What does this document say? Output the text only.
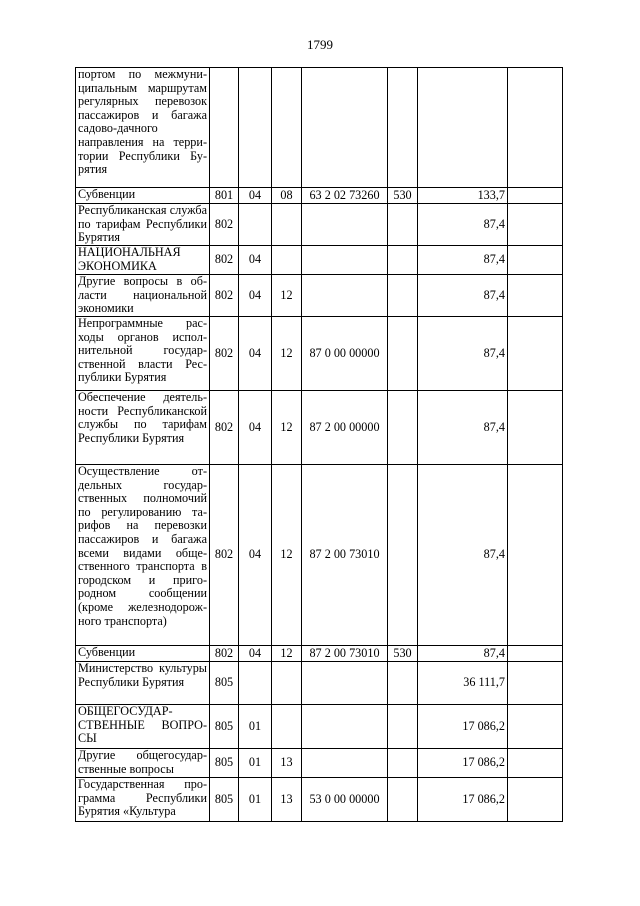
1799
портом по межмуниципальным маршрутам регулярных перевозок пассажиров и багажа садово-дачного направления на территории Республики Бурятия							
Субвенции	801	04	08	63 2 02 73260	530	133,7	
Республиканская служба по тарифам Республики Бурятия	802					87,4	
НАЦИОНАЛЬНАЯ ЭКОНОМИКА	802	04				87,4	
Другие вопросы в области национальной экономики	802	04	12			87,4	
Непрограммные расходы органов исполнительной государственной власти Республики Бурятия	802	04	12	87 0 00 00000		87,4	
Обеспечение деятельности Республиканской службы по тарифам Республики Бурятия	802	04	12	87 2 00 00000		87,4	
Осуществление отдельных государственных полномочий по регулированию тарифов на перевозки пассажиров и багажа всеми видами общественного транспорта в городском и пригородном сообщении (кроме железнодорожного транспорта)	802	04	12	87 2 00 73010		87,4	
Субвенции	802	04	12	87 2 00 73010	530	87,4	
Министерство культуры Республики Бурятия	805					36 111,7	
ОБЩЕГОСУДАРСТВЕННЫЕ ВОПРОСЫ	805	01				17 086,2	
Другие общегосударственные вопросы	805	01	13			17 086,2	
Государственная программа Республики Бурятия «Культура	805	01	13	53 0 00 00000		17 086,2	
